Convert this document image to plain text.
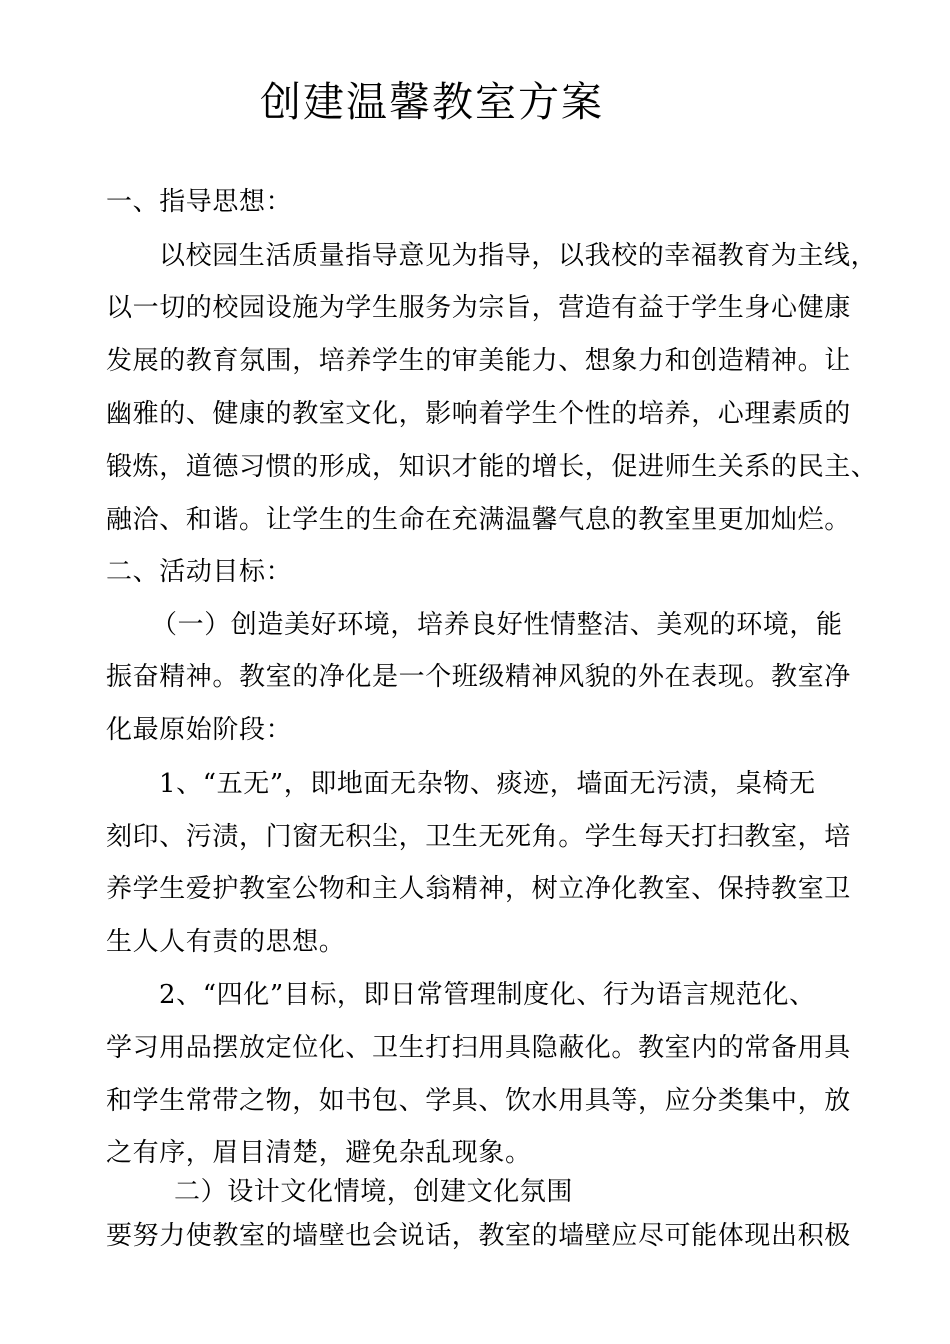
创建温馨教室方案
一、指导思想：
以校园生活质量指导意见为指导，以我校的幸福教育为主线，
以一切的校园设施为学生服务为宗旨，营造有益于学生身心健康
发展的教育氛围，培养学生的审美能力、想象力和创造精神。让
幽雅的、健康的教室文化，影响着学生个性的培养，心理素质的
锻炼，道德习惯的形成，知识才能的增长，促进师生关系的民主、
融洽、和谐。让学生的生命在充满温馨气息的教室里更加灿烂。
二、活动目标：
（一）创造美好环境，培养良好性情整洁、美观的环境，能
振奋精神。教室的净化是一个班级精神风貌的外在表现。教室净
化最原始阶段：
1、“五无”，即地面无杂物、痰迹，墙面无污渍，桌椅无
刻印、污渍，门窗无积尘，卫生无死角。学生每天打扫教室，培
养学生爱护教室公物和主人翁精神，树立净化教室、保持教室卫
生人人有责的思想。
2、“四化”目标，即日常管理制度化、行为语言规范化、
学习用品摆放定位化、卫生打扫用具隐蔽化。教室内的常备用具
和学生常带之物，如书包、学具、饮水用具等，应分类集中，放
之有序，眉目清楚，避免杂乱现象。
二）设计文化情境，创建文化氛围
要努力使教室的墙壁也会说话，教室的墙壁应尽可能体现出积极
